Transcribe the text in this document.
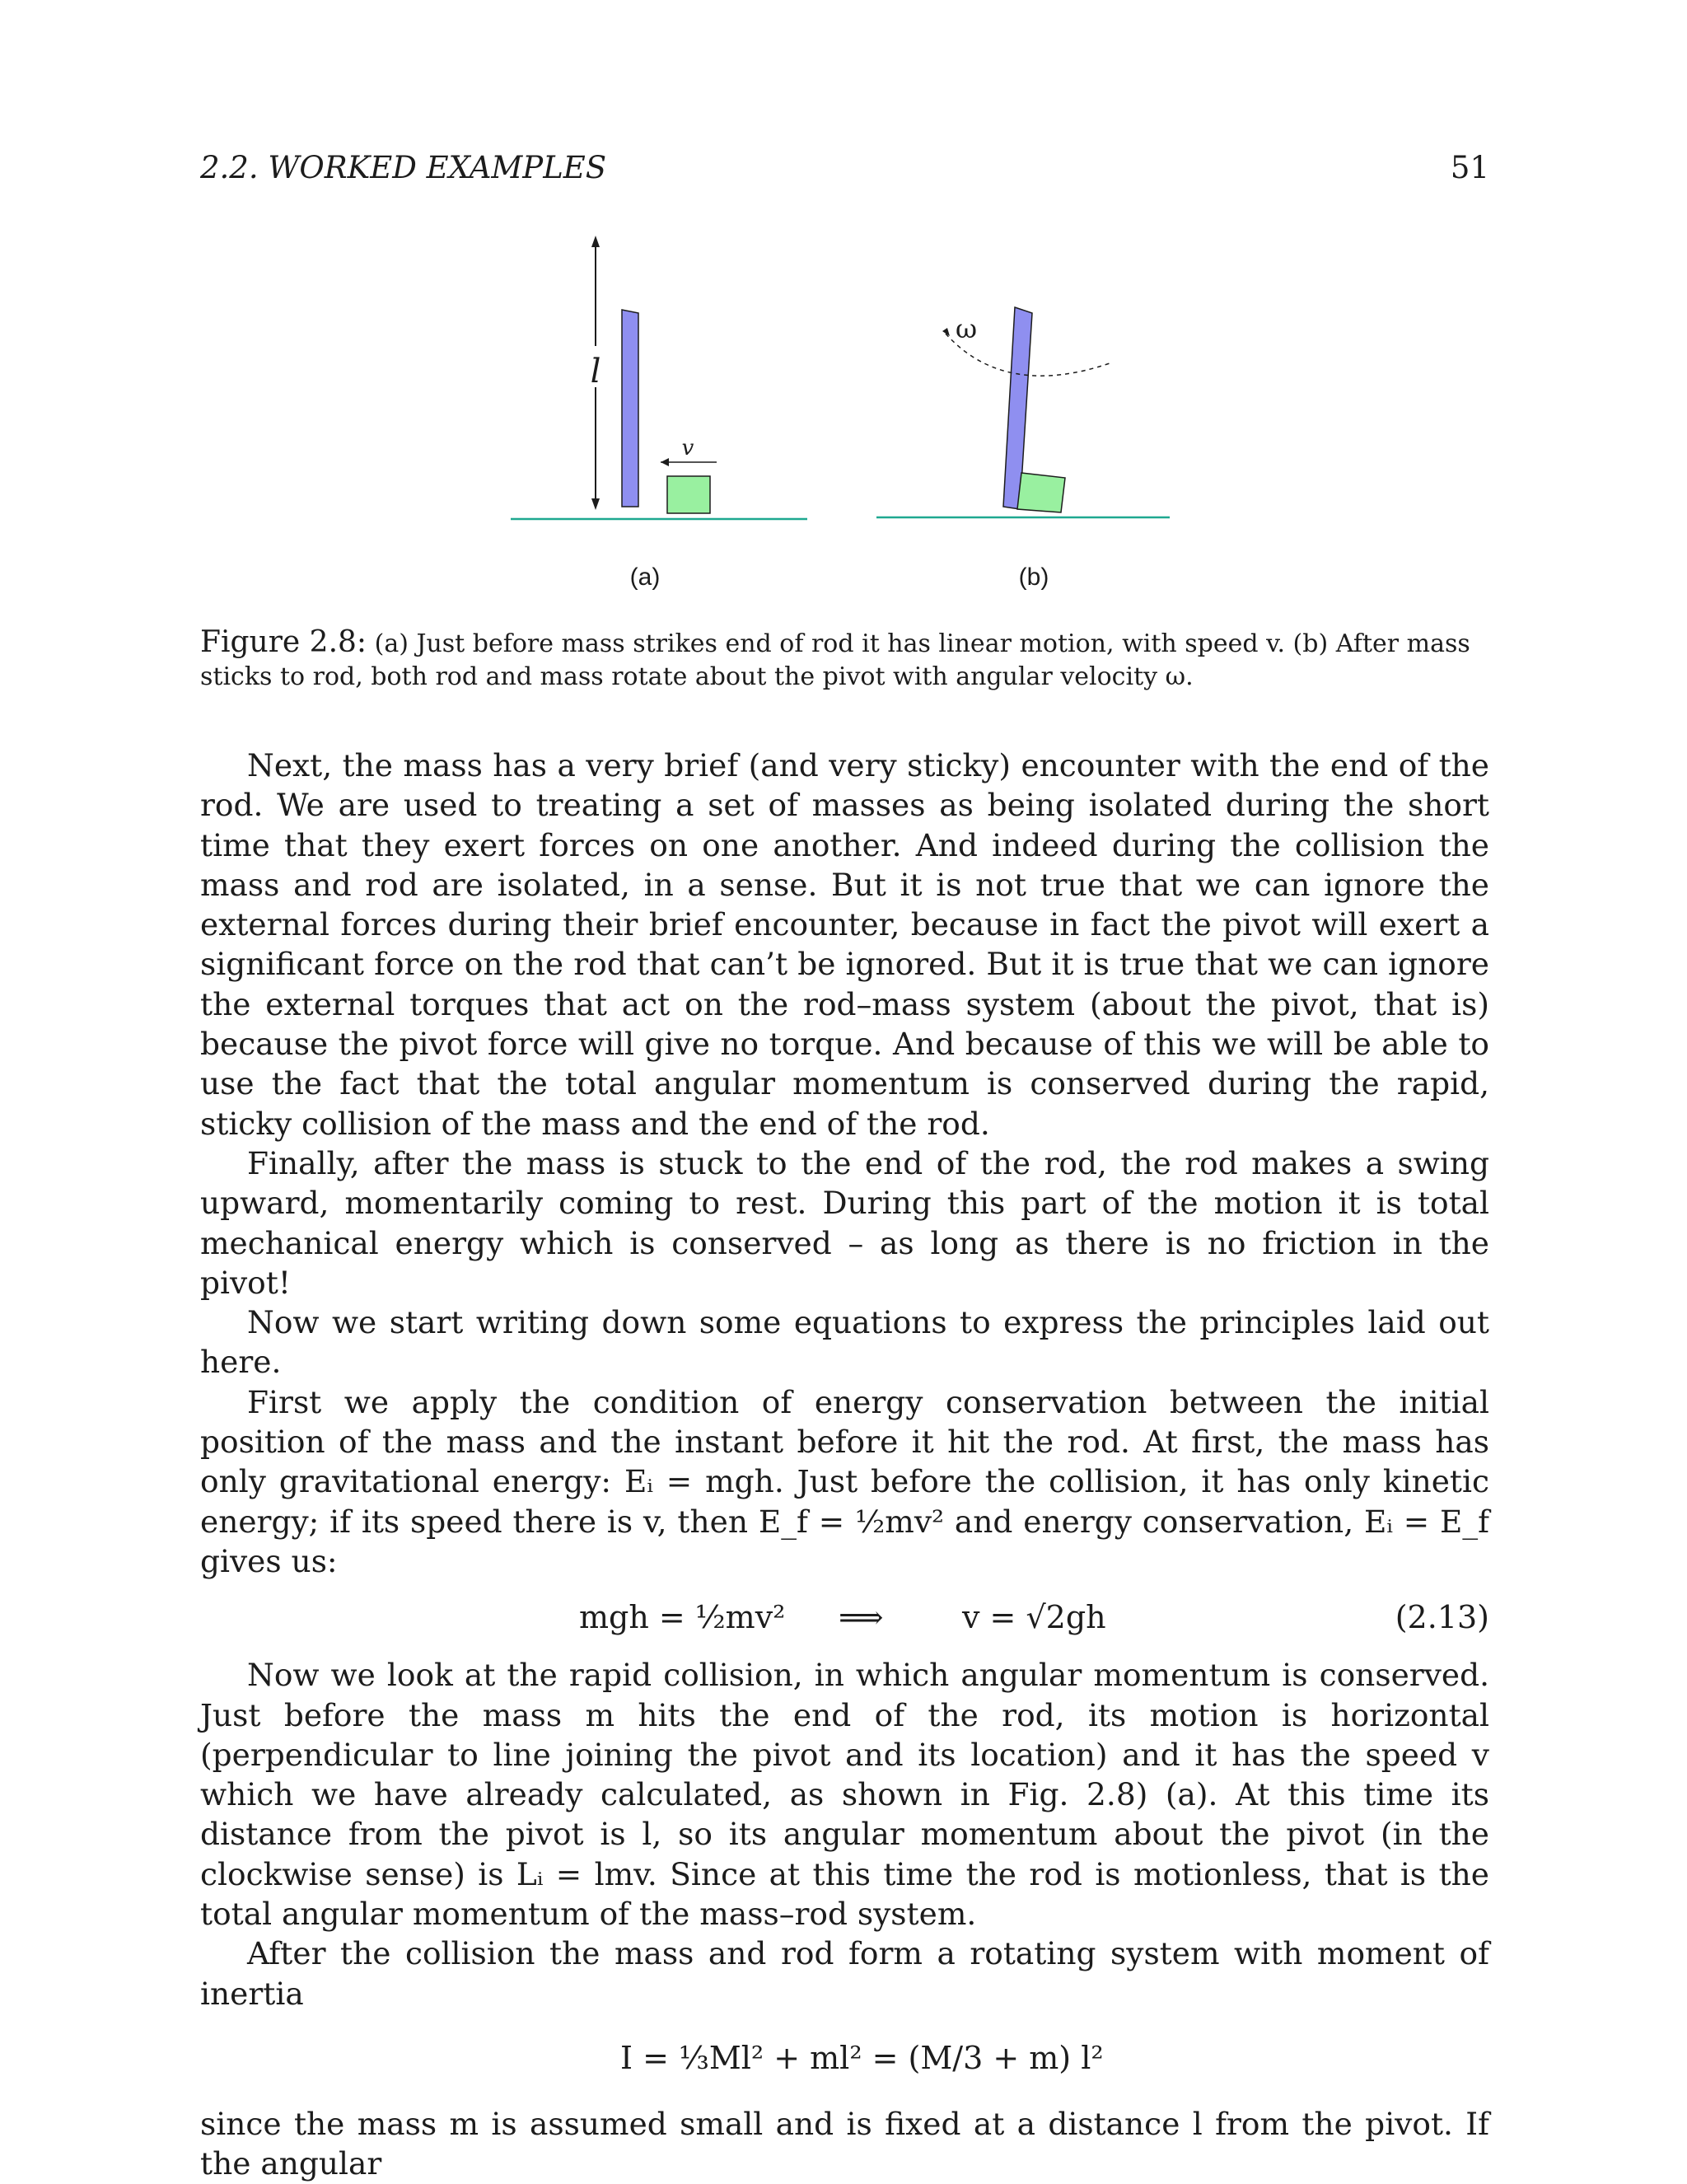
2.2. WORKED EXAMPLES	51
l
v
(a)
ω
(b)
Figure 2.8: (a) Just before mass strikes end of rod it has linear motion, with speed v. (b) After mass sticks to rod, both rod and mass rotate about the pivot with angular velocity ω.

Next, the mass has a very brief (and very sticky) encounter with the end of the rod. We are used to treating a set of masses as being isolated during the short time that they exert forces on one another. And indeed during the collision the mass and rod are isolated, in a sense. But it is not true that we can ignore the external forces during their brief encounter, because in fact the pivot will exert a significant force on the rod that can’t be ignored. But it is true that we can ignore the external torques that act on the rod–mass system (about the pivot, that is) because the pivot force will give no torque. And because of this we will be able to use the fact that the total angular momentum is conserved during the rapid, sticky collision of the mass and the end of the rod.

Finally, after the mass is stuck to the end of the rod, the rod makes a swing upward, momentarily coming to rest. During this part of the motion it is total mechanical energy which is conserved – as long as there is no friction in the pivot!

Now we start writing down some equations to express the principles laid out here.

First we apply the condition of energy conservation between the initial position of the mass and the instant before it hit the rod. At first, the mass has only gravitational energy: Eᵢ = mgh. Just before the collision, it has only kinetic energy; if its speed there is v, then E_f = ½mv² and energy conservation, Eᵢ = E_f gives us:

mgh = ½mv² ⟹	v = √2gh	(2.13)

Now we look at the rapid collision, in which angular momentum is conserved. Just before the mass m hits the end of the rod, its motion is horizontal (perpendicular to line joining the pivot and its location) and it has the speed v which we have already calculated, as shown in Fig. 2.8) (a). At this time its distance from the pivot is l, so its angular momentum about the pivot (in the clockwise sense) is Lᵢ = lmv. Since at this time the rod is motionless, that is the total angular momentum of the mass–rod system.

After the collision the mass and rod form a rotating system with moment of inertia

I = ⅓Ml² + ml² = (M/3 + m) l²

since the mass m is assumed small and is fixed at a distance l from the pivot. If the angular
